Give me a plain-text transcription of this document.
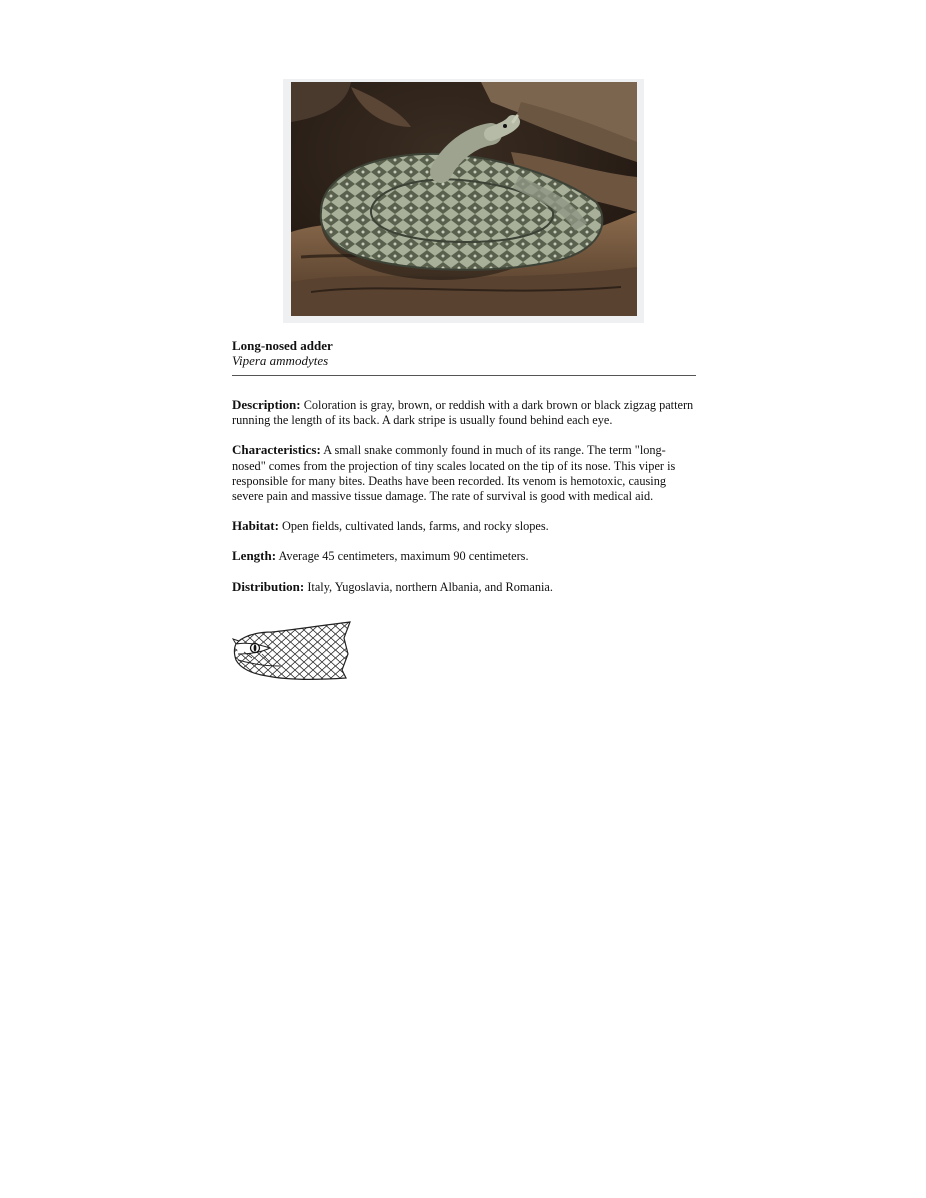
Long-nosed adder
Vipera ammodytes

Description: Coloration is gray, brown, or reddish with a dark brown or black zigzag pattern running the length of its back. A dark stripe is usually found behind each eye.

Characteristics: A small snake commonly found in much of its range. The term "long-nosed" comes from the projection of tiny scales located on the tip of its nose. This viper is responsible for many bites. Deaths have been recorded. Its venom is hemotoxic, causing severe pain and massive tissue damage. The rate of survival is good with medical aid.

Habitat: Open fields, cultivated lands, farms, and rocky slopes.

Length: Average 45 centimeters, maximum 90 centimeters.

Distribution: Italy, Yugoslavia, northern Albania, and Romania.
